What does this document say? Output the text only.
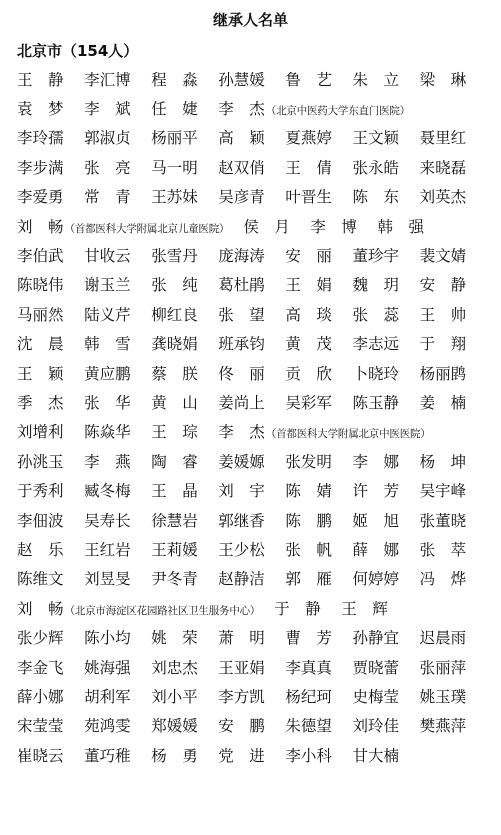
继承人名单
北京市（154人）
王　静	李汇博	程　淼	孙慧媛	鲁　艺	朱　立	梁　琳
袁　梦	李　斌	任　婕	李　杰（北京中医药大学东直门医院）
李玲孺	郭淑贞	杨丽平	高　颖	夏燕婷	王文颖	聂里红
李步满	张　亮	马一明	赵双俏	王　倩	张永皓	来晓磊
李爱勇	常　青	王苏妹	吴彦青	叶晋生	陈　东	刘英杰
刘　畅（首都医科大学附属北京儿童医院） 侯　月	李　博	韩　强
李伯武	甘收云	张雪丹	庞海涛	安　丽	董珍宇	裴文婧
陈晓伟	谢玉兰	张　纯	葛杜鹃	王　娟	魏　玥	安　静
马丽然	陆义芹	柳红良	张　望	高　琰	张　蕊	王　帅
沈　晨	韩　雪	龚晓娟	班承钧	黄　茂	李志远	于　翔
王　颖	黄应鹏	蔡　朕	佟　丽	贡　欣	卜晓玲	杨丽鹍
季　杰	张　华	黄　山	姜尚上	吴彩军	陈玉静	姜　楠
刘增利	陈焱华	王　琮	李　杰（首都医科大学附属北京中医医院）
孙洮玉	李　燕	陶　睿	姜媛嫄	张发明	李　娜	杨　坤
于秀利	臧冬梅	王　晶	刘　宇	陈　婧	许　芳	吴宇峰
李佃波	吴寿长	徐慧岩	郭继香	陈　鹏	姬　旭	张董晓
赵　乐	王红岩	王莉媛	王少松	张　帆	薛　娜	张　萃
陈维文	刘昱旻	尹冬青	赵静洁	郭　雁	何婷婷	冯　烨
刘　畅（北京市海淀区花园路社区卫生服务中心） 于　静	王　辉
张少辉	陈小均	姚　荣	萧　明	曹　芳	孙静宜	迟晨雨
李金飞	姚海强	刘忠杰	王亚娟	李真真	贾晓蕾	张丽萍
薛小娜	胡利军	刘小平	李方凯	杨纪珂	史梅莹	姚玉璞
宋莹莹	苑鸿雯	郑媛媛	安　鹏	朱德望	刘玲佳	樊燕萍
崔晓云	董巧稚	杨　勇	党　进	李小科	甘大楠
